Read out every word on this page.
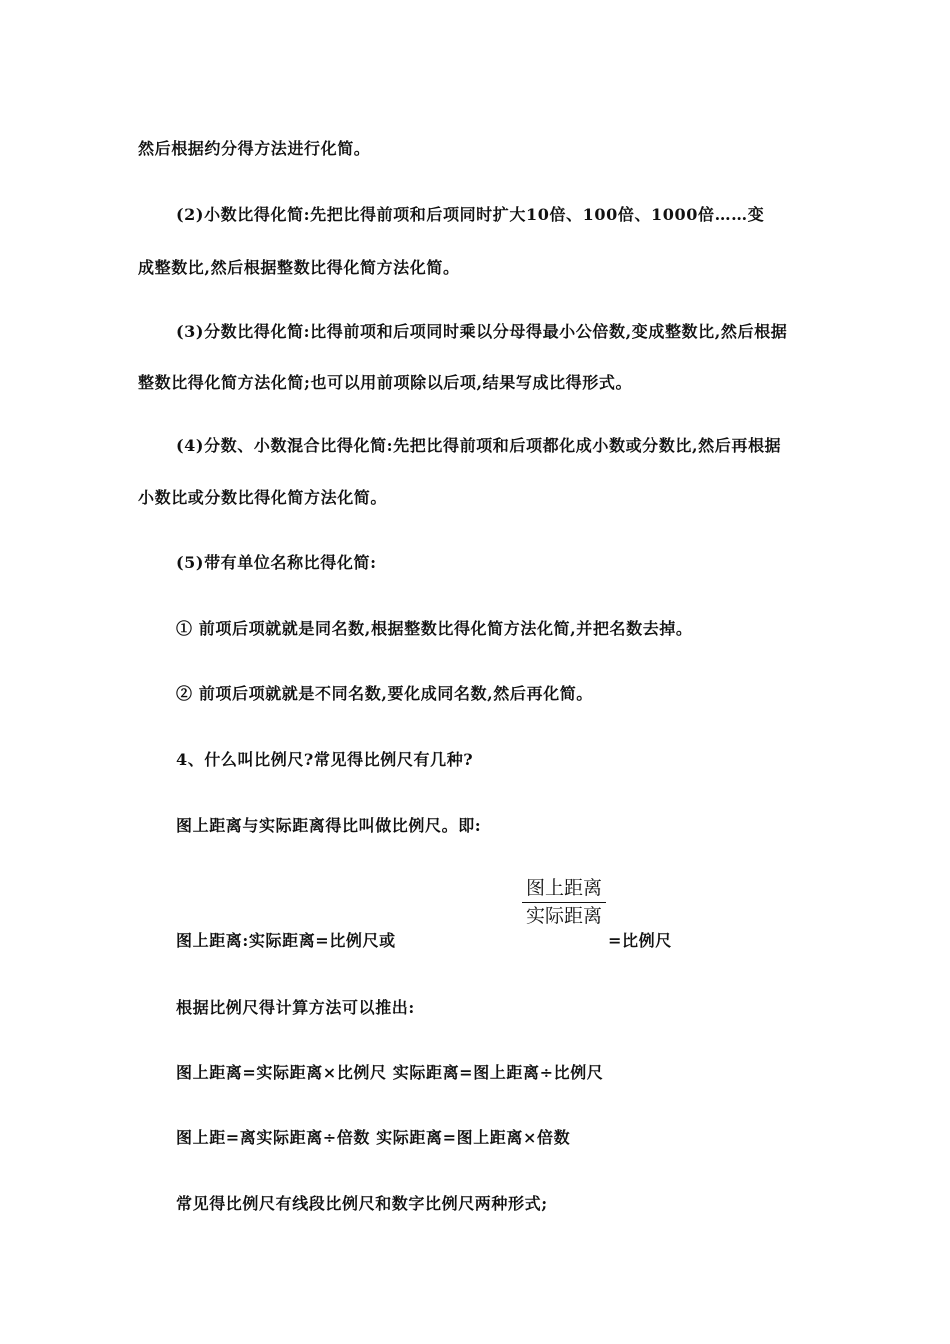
然后根据约分得方法进行化简。
(2)小数比得化简:先把比得前项和后项同时扩大10倍、100倍、1000倍……变
成整数比,然后根据整数比得化简方法化简。
(3)分数比得化简:比得前项和后项同时乘以分母得最小公倍数,变成整数比,然后根据
整数比得化简方法化简;也可以用前项除以后项,结果写成比得形式。
(4)分数、小数混合比得化简:先把比得前项和后项都化成小数或分数比,然后再根据
小数比或分数比得化简方法化简。
(5)带有单位名称比得化简:
① 前项后项就就是同名数,根据整数比得化简方法化简,并把名数去掉。
② 前项后项就就是不同名数,要化成同名数,然后再化简。
4、什么叫比例尺?常见得比例尺有几种?
图上距离与实际距离得比叫做比例尺。即:
图上距离
实际距离
图上距离:实际距离=比例尺或	=比例尺
根据比例尺得计算方法可以推出:
图上距离=实际距离×比例尺 实际距离=图上距离÷比例尺
图上距=离实际距离÷倍数 实际距离=图上距离×倍数
常见得比例尺有线段比例尺和数字比例尺两种形式;
